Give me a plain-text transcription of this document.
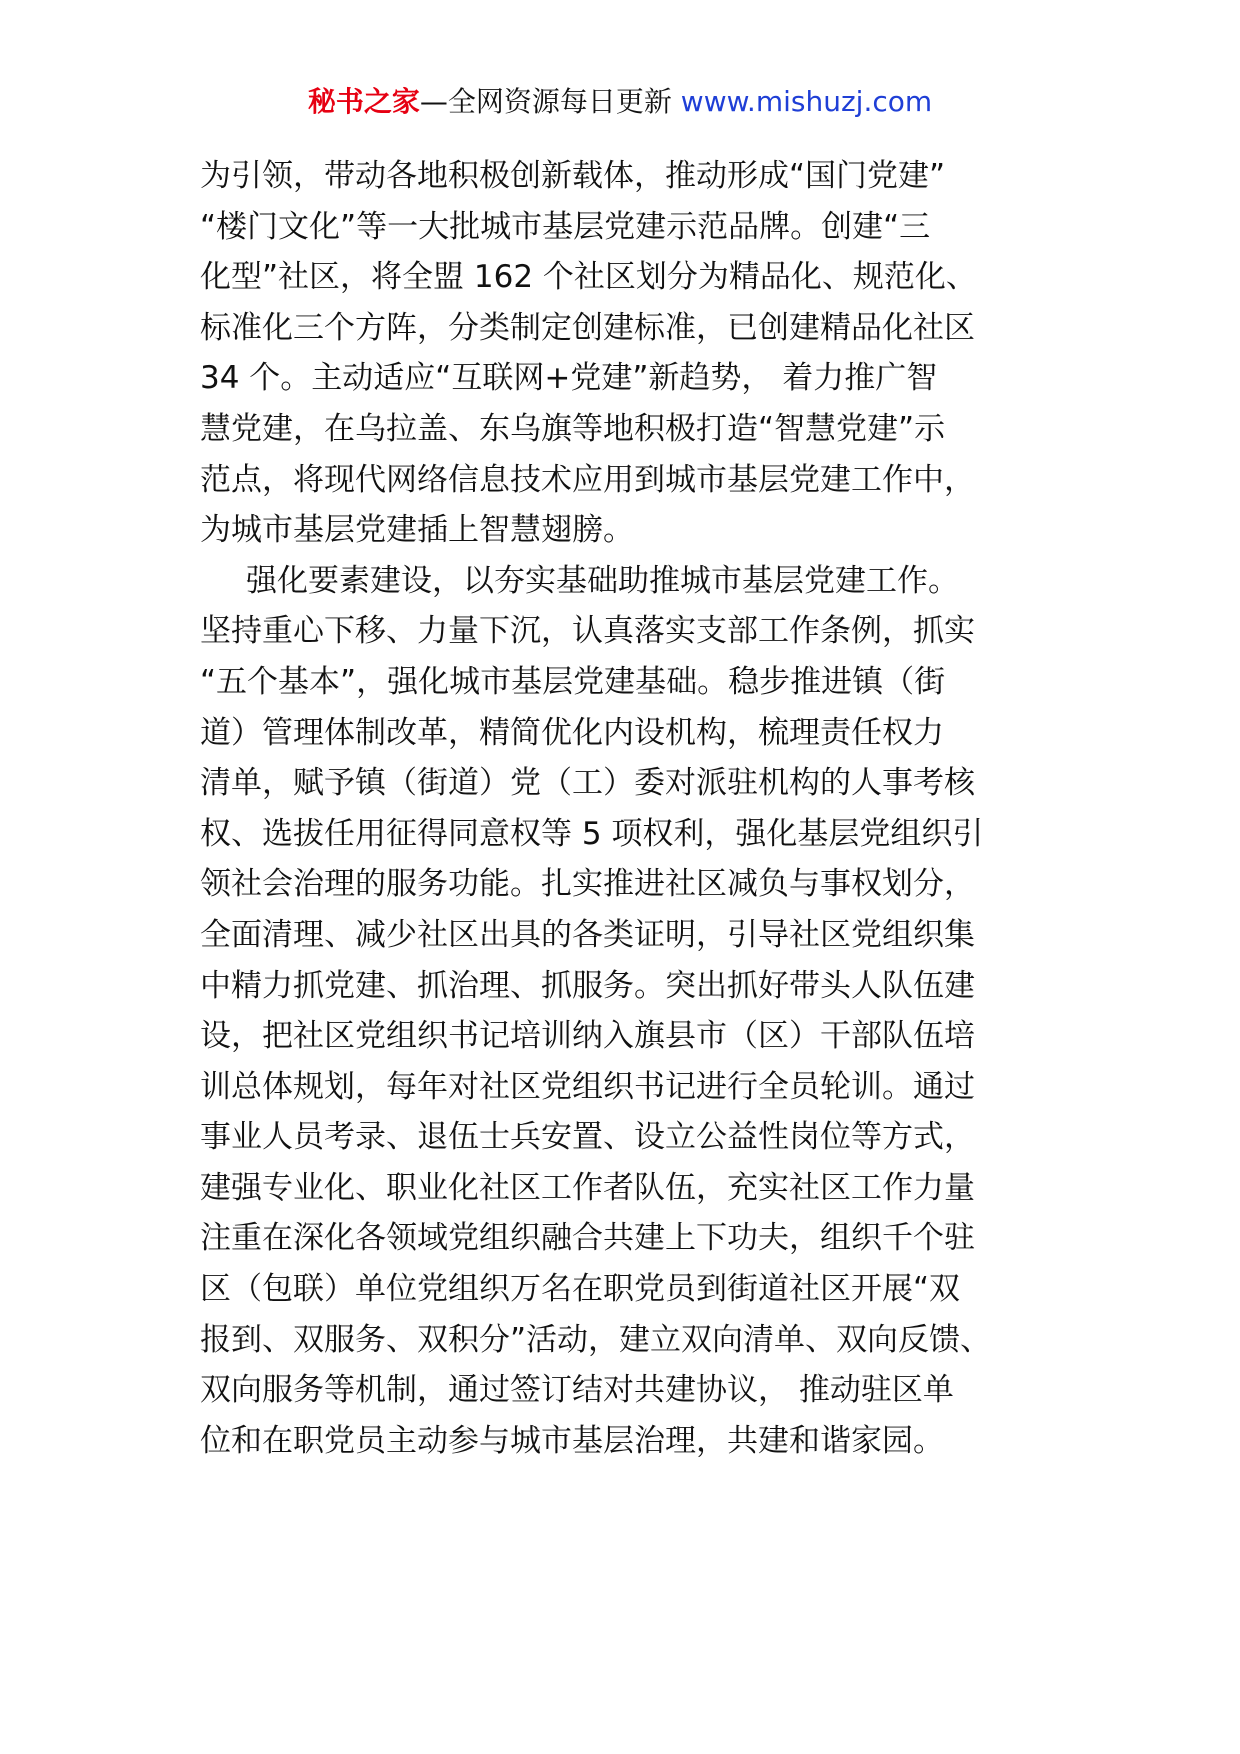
秘书之家—全网资源每日更新 www.mishuzj.com
为引领，带动各地积极创新载体，推动形成“国门党建”
“楼门文化”等一大批城市基层党建示范品牌。创建“三
化型”社区，将全盟 162 个社区划分为精品化、规范化、
标准化三个方阵，分类制定创建标准，已创建精品化社区
34 个。主动适应“互联网+党建”新趋势， 着力推广智
慧党建，在乌拉盖、东乌旗等地积极打造“智慧党建”示
范点，将现代网络信息技术应用到城市基层党建工作中，
为城市基层党建插上智慧翅膀。
强化要素建设，以夯实基础助推城市基层党建工作。
坚持重心下移、力量下沉，认真落实支部工作条例，抓实
“五个基本”，强化城市基层党建基础。稳步推进镇（街
道）管理体制改革，精简优化内设机构，梳理责任权力
清单，赋予镇（街道）党（工）委对派驻机构的人事考核
权、选拔任用征得同意权等 5 项权利，强化基层党组织引
领社会治理的服务功能。扎实推进社区减负与事权划分，
全面清理、减少社区出具的各类证明，引导社区党组织集
中精力抓党建、抓治理、抓服务。突出抓好带头人队伍建
设，把社区党组织书记培训纳入旗县市（区）干部队伍培
训总体规划，每年对社区党组织书记进行全员轮训。通过
事业人员考录、退伍士兵安置、设立公益性岗位等方式，
建强专业化、职业化社区工作者队伍，充实社区工作力量
注重在深化各领域党组织融合共建上下功夫，组织千个驻
区（包联）单位党组织万名在职党员到街道社区开展“双
报到、双服务、双积分”活动，建立双向清单、双向反馈、
双向服务等机制，通过签订结对共建协议， 推动驻区单
位和在职党员主动参与城市基层治理，共建和谐家园。
